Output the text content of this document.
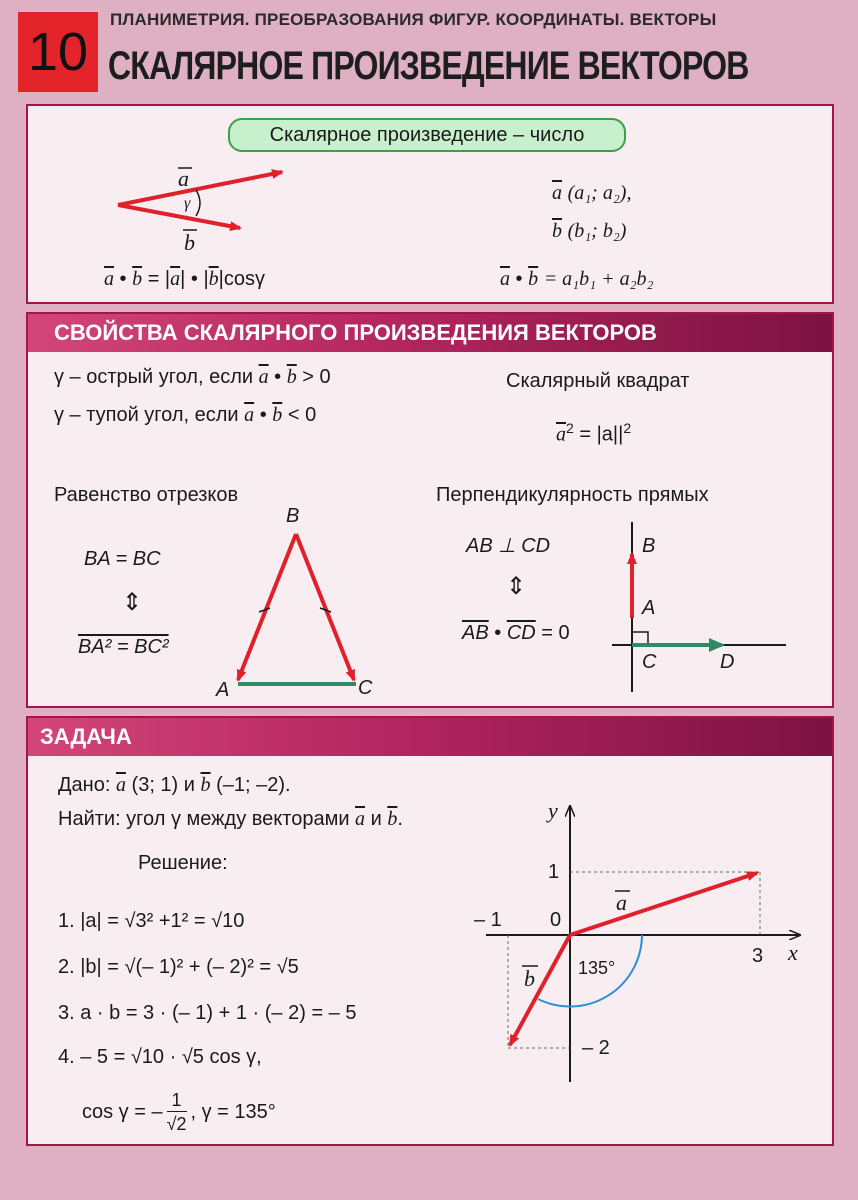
10
ПЛАНИМЕТРИЯ. ПРЕОБРАЗОВАНИЯ ФИГУР. КООРДИНАТЫ. ВЕКТОРЫ
СКАЛЯРНОЕ ПРОИЗВЕДЕНИЕ ВЕКТОРОВ
Скалярное произведение – число
a
γ
b
$\overline{a}$ • $\overline{b} = |\overline{a}|$ • $|\overline{b}|\cos\gamma$
$\overline{a}$ (a₁; a₂),
$\overline{b}$ (b₁; b₂)
$\overline{a}$ • $\overline{b} = a_1b_1 + a_2b_2$
СВОЙСТВА СКАЛЯРНОГО ПРОИЗВЕДЕНИЯ ВЕКТОРОВ
γ – острый угол, если $\overline{a}$ • $\overline{b} > 0$
γ – тупой угол, если $\overline{a}$ • $\overline{b} < 0$
Скалярный квадрат
$\overline{a}^2 = |a||^2$
Равенство отрезков
BA = BC
⇕
BA² = BC²
B
A	C
Перпендикулярность прямых
AB ⊥ CD
⇕
$\overline{AB}$ • $\overline{CD} = 0$
B
A
C	D
ЗАДАЧА
Дано: $\overline{a}$ (3; 1) и $\overline{b}$ (–1; –2).
Найти: угол γ между векторами $\overline{a}$ и $\overline{b}$.
Решение:
1. |a| = √3² +1² = √10
2. |b| = √(– 1)² + (– 2)² = √5
3. a · b = 3 · (– 1) + 1 · (– 2) = – 5
4. – 5 = √10 · √5 cos γ,
cos γ = –
1
√2
, γ = 135°
y
x
1
– 1 0
3
– 2
135°
a
b
